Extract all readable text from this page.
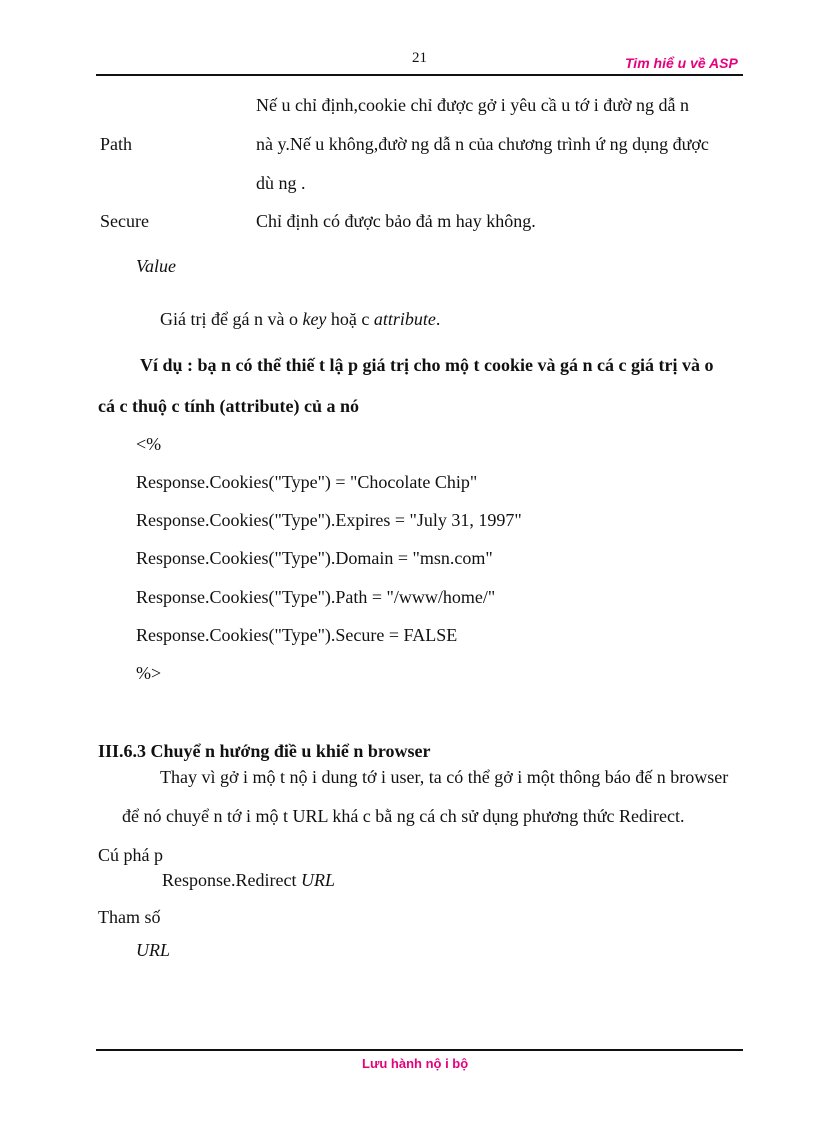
21	Tim hiể u về ASP
Nế u chỉ định,cookie chỉ được gở i yêu cầ u tớ i đườ ng dẫ n
Path	nà y.Nế u không,đườ ng dẫ n của chương trình ứ ng dụng được
dù ng .
Secure	Chỉ định có được bảo đả m hay không.
Value
Giá trị để gá n và o key hoặ c attribute.
Ví dụ : bạ n có thể thiế t lậ p giá trị cho mộ t cookie và gá n cá c giá trị và o
cá c thuộ c tính (attribute) củ a nó
<%
Response.Cookies("Type") = "Chocolate Chip"
Response.Cookies("Type").Expires = "July 31, 1997"
Response.Cookies("Type").Domain = "msn.com"
Response.Cookies("Type").Path = "/www/home/"
Response.Cookies("Type").Secure = FALSE
%>
III.6.3 Chuyể n hướng điề u khiể n browser
Thay vì gở i mộ t nộ i dung tớ i user, ta có thể gở i một thông báo đế n browser
để nó chuyể n tớ i mộ t URL khá c bằ ng cá ch sử dụng phương thức Redirect.
Cú phá p
Response.Redirect URL
Tham số
URL
Lưu hành nộ i bộ
